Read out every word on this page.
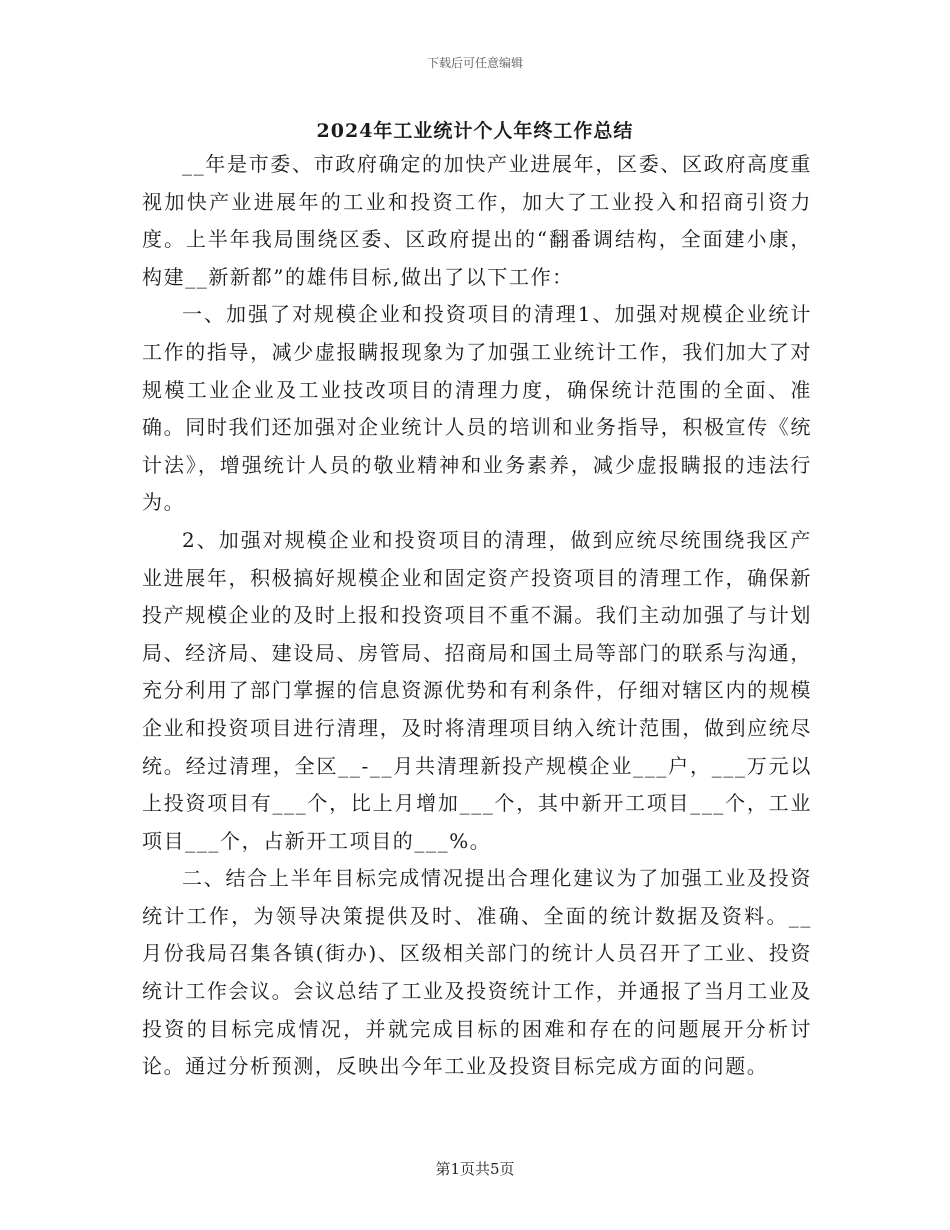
下载后可任意编辑
2024年工业统计个人年终工作总结

__年是市委、市政府确定的加快产业进展年，区委、区政府高度重视加快产业进展年的工业和投资工作，加大了工业投入和招商引资力度。上半年我局围绕区委、区政府提出的“翻番调结构，全面建小康，构建__新新都”的雄伟目标,做出了以下工作：

一、加强了对规模企业和投资项目的清理1、加强对规模企业统计工作的指导，减少虚报瞒报现象为了加强工业统计工作，我们加大了对规模工业企业及工业技改项目的清理力度，确保统计范围的全面、准确。同时我们还加强对企业统计人员的培训和业务指导，积极宣传《统计法》，增强统计人员的敬业精神和业务素养，减少虚报瞒报的违法行为。

2、加强对规模企业和投资项目的清理，做到应统尽统围绕我区产业进展年，积极搞好规模企业和固定资产投资项目的清理工作，确保新投产规模企业的及时上报和投资项目不重不漏。我们主动加强了与计划局、经济局、建设局、房管局、招商局和国土局等部门的联系与沟通，充分利用了部门掌握的信息资源优势和有利条件，仔细对辖区内的规模企业和投资项目进行清理，及时将清理项目纳入统计范围，做到应统尽统。经过清理，全区__-__月共清理新投产规模企业___户，___万元以上投资项目有___个，比上月增加___个，其中新开工项目___个，工业项目___个，占新开工项目的___%。

二、结合上半年目标完成情况提出合理化建议为了加强工业及投资统计工作，为领导决策提供及时、准确、全面的统计数据及资料。__月份我局召集各镇(街办)、区级相关部门的统计人员召开了工业、投资统计工作会议。会议总结了工业及投资统计工作，并通报了当月工业及投资的目标完成情况，并就完成目标的困难和存在的问题展开分析讨论。通过分析预测，反映出今年工业及投资目标完成方面的问题。

第1页共5页
